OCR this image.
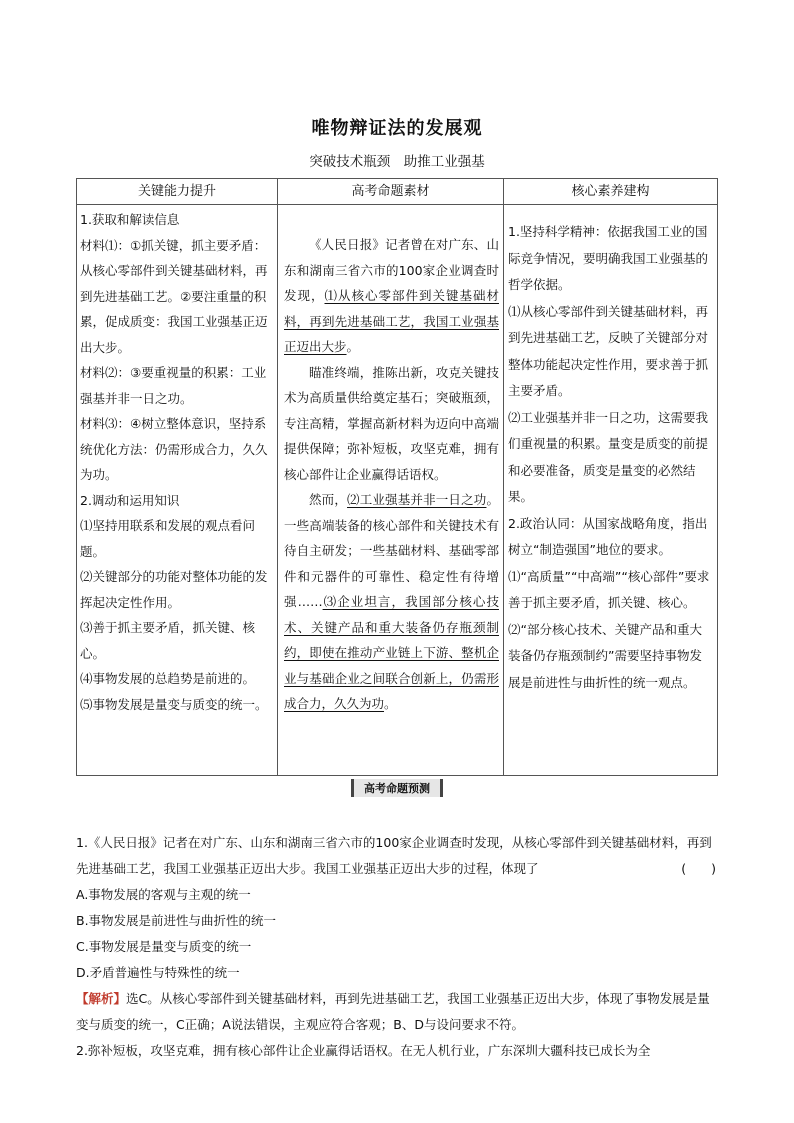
唯物辩证法的发展观
突破技术瓶颈　助推工业强基
关键能力提升

1.获取和解读信息

材料⑴：①抓关键，抓主要矛盾：从核心零部件到关键基础材料，再到先进基础工艺。②要注重量的积累，促成质变：我国工业强基正迈出大步。

材料⑵：③要重视量的积累：工业强基并非一日之功。

材料⑶：④树立整体意识，坚持系统优化方法：仍需形成合力，久久为功。

2.调动和运用知识

⑴坚持用联系和发展的观点看问题。

⑵关键部分的功能对整体功能的发挥起决定性作用。

⑶善于抓主要矛盾，抓关键、核心。

⑷事物发展的总趋势是前进的。

⑸事物发展是量变与质变的统一。

高考命题素材

《人民日报》记者曾在对广东、山东和湖南三省六市的100家企业调查时发现，⑴从核心零部件到关键基础材料，再到先进基础工艺，我国工业强基正迈出大步。

瞄准终端，推陈出新，攻克关键技术为高质量供给奠定基石；突破瓶颈，专注高精，掌握高新材料为迈向中高端提供保障；弥补短板，攻坚克难，拥有核心部件让企业赢得话语权。

然而，⑵工业强基并非一日之功。一些高端装备的核心部件和关键技术有待自主研发；一些基础材料、基础零部件和元器件的可靠性、稳定性有待增强……⑶企业坦言，我国部分核心技术、关键产品和重大装备仍存瓶颈制约，即使在推动产业链上下游、整机企业与基础企业之间联合创新上，仍需形成合力，久久为功。

核心素养建构

1.坚持科学精神：依据我国工业的国际竞争情况，要明确我国工业强基的哲学依据。

⑴从核心零部件到关键基础材料，再到先进基础工艺，反映了关键部分对整体功能起决定性作用，要求善于抓主要矛盾。

⑵工业强基并非一日之功，这需要我们重视量的积累。量变是质变的前提和必要准备，质变是量变的必然结果。

2.政治认同：从国家战略角度，指出树立“制造强国”地位的要求。

⑴“高质量”“中高端”“核心部件”要求善于抓主要矛盾，抓关键、核心。

⑵“部分核心技术、关键产品和重大装备仍存瓶颈制约”需要坚持事物发展是前进性与曲折性的统一观点。

高考命题预测

1.《人民日报》记者在对广东、山东和湖南三省六市的100家企业调查时发现，从核心零部件到关键基础材料，再到先进基础工艺，我国工业强基正迈出大步。我国工业强基正迈出大步的过程，体现了	(　　)

A.事物发展的客观与主观的统一

B.事物发展是前进性与曲折性的统一

C.事物发展是量变与质变的统一

D.矛盾普遍性与特殊性的统一

【解析】选C。从核心零部件到关键基础材料，再到先进基础工艺，我国工业强基正迈出大步，体现了事物发展是量变与质变的统一，C正确；A说法错误，主观应符合客观；B、D与设问要求不符。

2.弥补短板，攻坚克难，拥有核心部件让企业赢得话语权。在无人机行业，广东深圳大疆科技已成长为全
